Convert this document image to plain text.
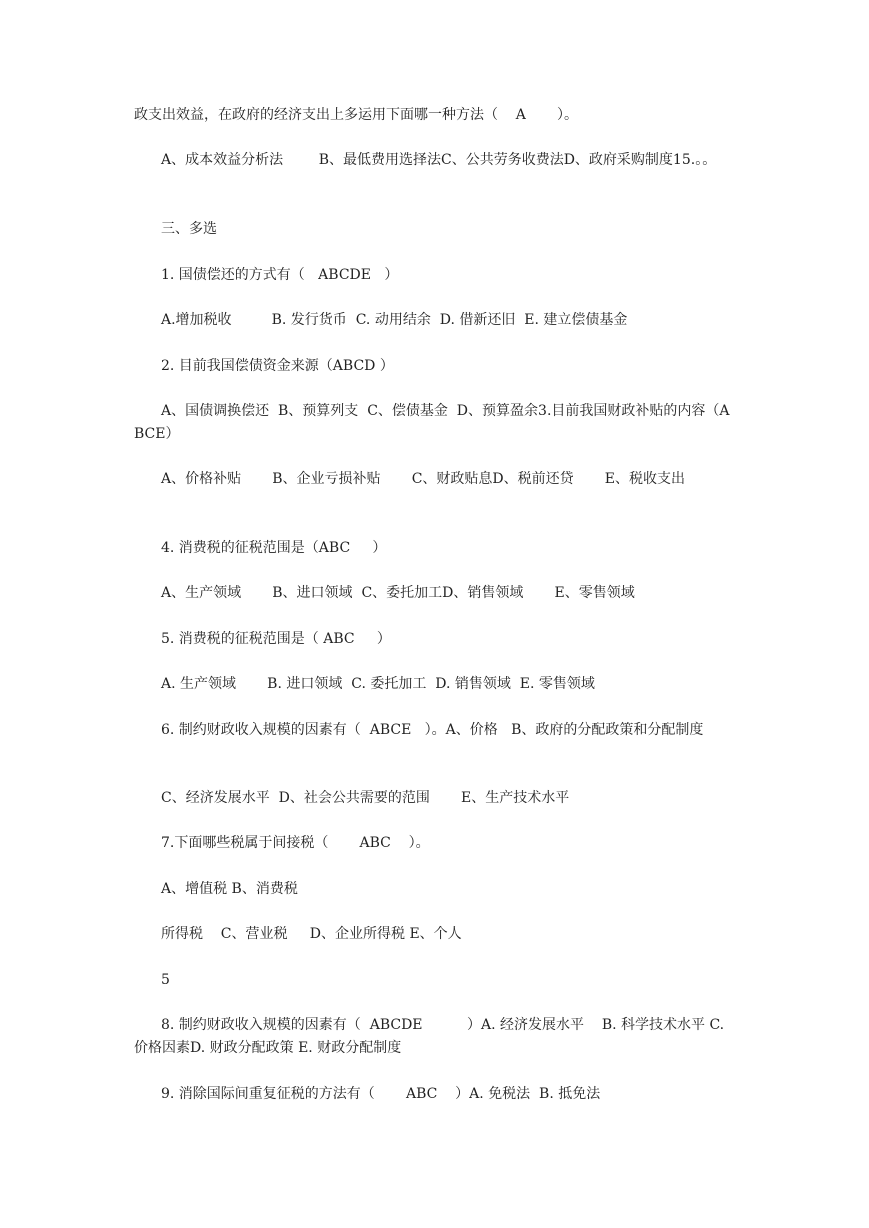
政支出效益，在政府的经济支出上多运用下面哪一种方法（    A       ）。
A、成本效益分析法        B、最低费用选择法C、公共劳务收费法D、政府采购制度15.。。
三、多选
1. 国债偿还的方式有（   ABCDE   ）
A.增加税收         B. 发行货币  C. 动用结余  D. 借新还旧  E. 建立偿债基金
2. 目前我国偿债资金来源（ABCD ）
A、国债调换偿还  B、预算列支  C、偿债基金  D、预算盈余3.目前我国财政补贴的内容（ABCE）
A、价格补贴       B、企业亏损补贴       C、财政贴息D、税前还贷       E、税收支出
4. 消费税的征税范围是（ABC     ）
A、生产领域       B、进口领域  C、委托加工D、销售领域       E、零售领域
5. 消费税的征税范围是（ ABC     ）
A. 生产领域       B. 进口领域  C. 委托加工  D. 销售领域  E. 零售领域
6. 制约财政收入规模的因素有（  ABCE   ）。A、价格   B、政府的分配政策和分配制度
C、经济发展水平  D、社会公共需要的范围       E、生产技术水平
7.下面哪些税属于间接税（       ABC    ）。
A、增值税 B、消费税
所得税    C、营业税     D、企业所得税 E、个人
5
8. 制约财政收入规模的因素有（  ABCDE          ）A. 经济发展水平    B. 科学技术水平 C. 价格因素D. 财政分配政策 E. 财政分配制度
9. 消除国际间重复征税的方法有（       ABC    ）A. 免税法  B. 抵免法
